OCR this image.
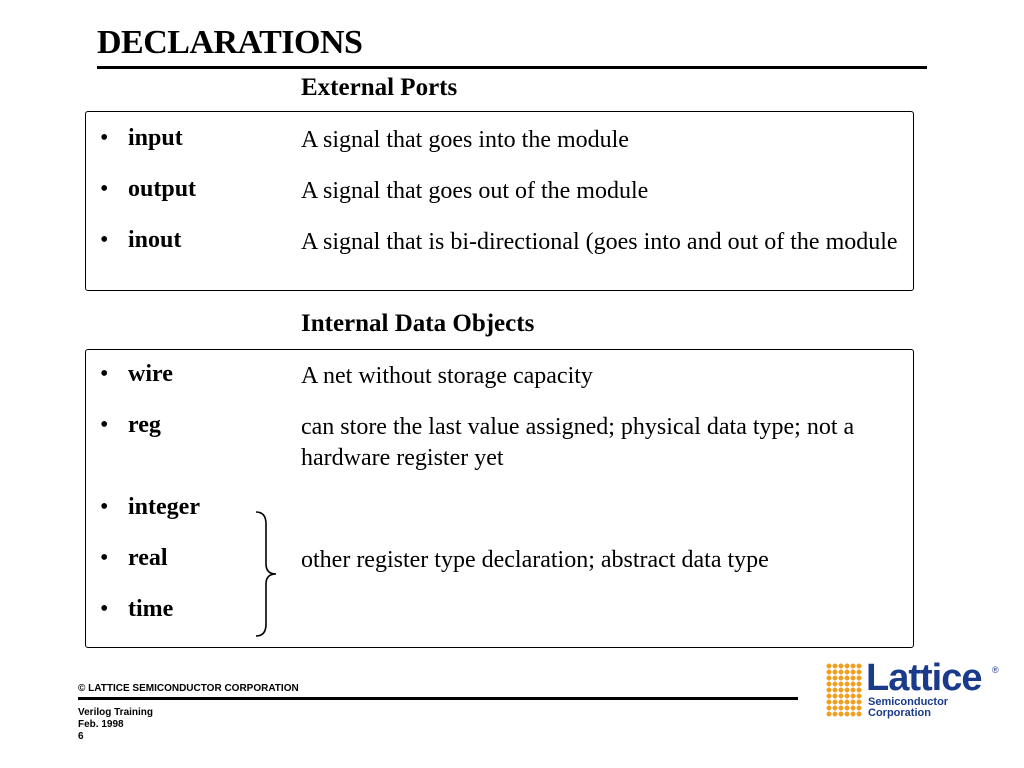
DECLARATIONS
External Ports
• input	A signal that goes into the module
• output	A signal that goes out of the module
• inout	A signal that is bi-directional (goes into and out of the module
Internal Data Objects
• wire	A net without storage capacity
• reg	can store the last value assigned; physical data type; not a hardware register yet
• integer
• real	other register type declaration; abstract data type
• time
© LATTICE SEMICONDUCTOR CORPORATION
Verilog Training
Feb. 1998
6
Lattice ®
Semiconductor
Corporation
